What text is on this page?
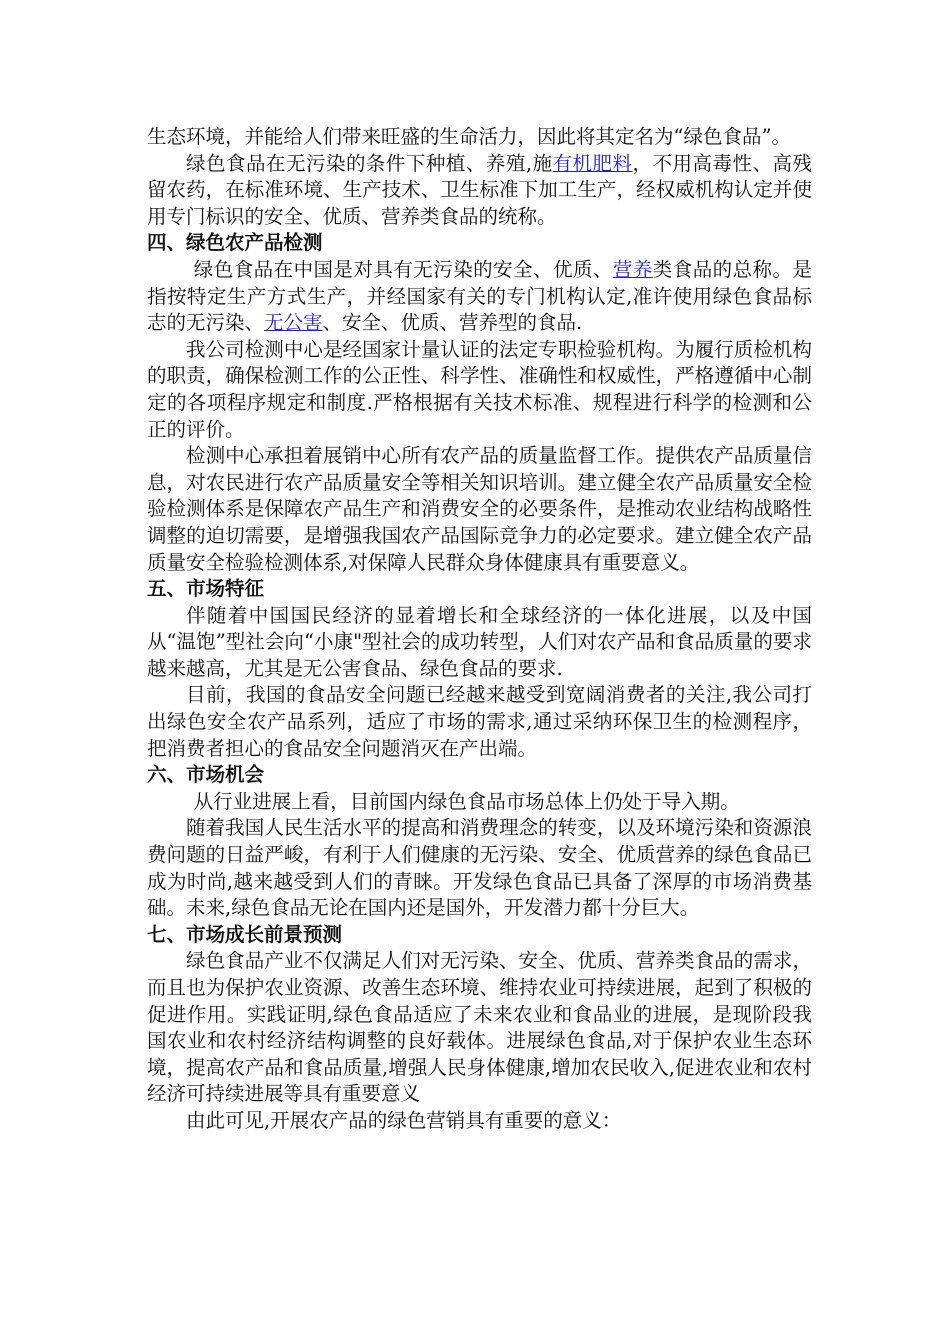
生态环境，并能给人们带来旺盛的生命活力，因此将其定名为“绿色食品”。

绿色食品在无污染的条件下种植、养殖,施有机肥料，不用高毒性、高残留农药，在标准环境、生产技术、卫生标准下加工生产，经权威机构认定并使用专门标识的安全、优质、营养类食品的统称。

四、绿色农产品检测

绿色食品在中国是对具有无污染的安全、优质、营养类食品的总称。是指按特定生产方式生产，并经国家有关的专门机构认定,准许使用绿色食品标志的无污染、无公害、安全、优质、营养型的食品.

我公司检测中心是经国家计量认证的法定专职检验机构。为履行质检机构的职责，确保检测工作的公正性、科学性、准确性和权威性，严格遵循中心制定的各项程序规定和制度.严格根据有关技术标准、规程进行科学的检测和公正的评价。

检测中心承担着展销中心所有农产品的质量监督工作。提供农产品质量信息，对农民进行农产品质量安全等相关知识培训。建立健全农产品质量安全检验检测体系是保障农产品生产和消费安全的必要条件，是推动农业结构战略性调整的迫切需要，是增强我国农产品国际竞争力的必定要求。建立健全农产品质量安全检验检测体系,对保障人民群众身体健康具有重要意义。

五、市场特征

伴随着中国国民经济的显着增长和全球经济的一体化进展，以及中国从“温饱”型社会向“小康"型社会的成功转型，人们对农产品和食品质量的要求越来越高，尤其是无公害食品、绿色食品的要求.

目前，我国的食品安全问题已经越来越受到宽阔消费者的关注,我公司打出绿色安全农产品系列，适应了市场的需求,通过采纳环保卫生的检测程序，把消费者担心的食品安全问题消灭在产出端。

六、市场机会

从行业进展上看，目前国内绿色食品市场总体上仍处于导入期。

随着我国人民生活水平的提高和消费理念的转变，以及环境污染和资源浪费问题的日益严峻，有利于人们健康的无污染、安全、优质营养的绿色食品已成为时尚,越来越受到人们的青睐。开发绿色食品已具备了深厚的市场消费基础。未来,绿色食品无论在国内还是国外，开发潜力都十分巨大。

七、市场成长前景预测

绿色食品产业不仅满足人们对无污染、安全、优质、营养类食品的需求，而且也为保护农业资源、改善生态环境、维持农业可持续进展，起到了积极的促进作用。实践证明,绿色食品适应了未来农业和食品业的进展，是现阶段我国农业和农村经济结构调整的良好载体。进展绿色食品,对于保护农业生态环境，提高农产品和食品质量,增强人民身体健康,增加农民收入,促进农业和农村经济可持续进展等具有重要意义

由此可见,开展农产品的绿色营销具有重要的意义：
